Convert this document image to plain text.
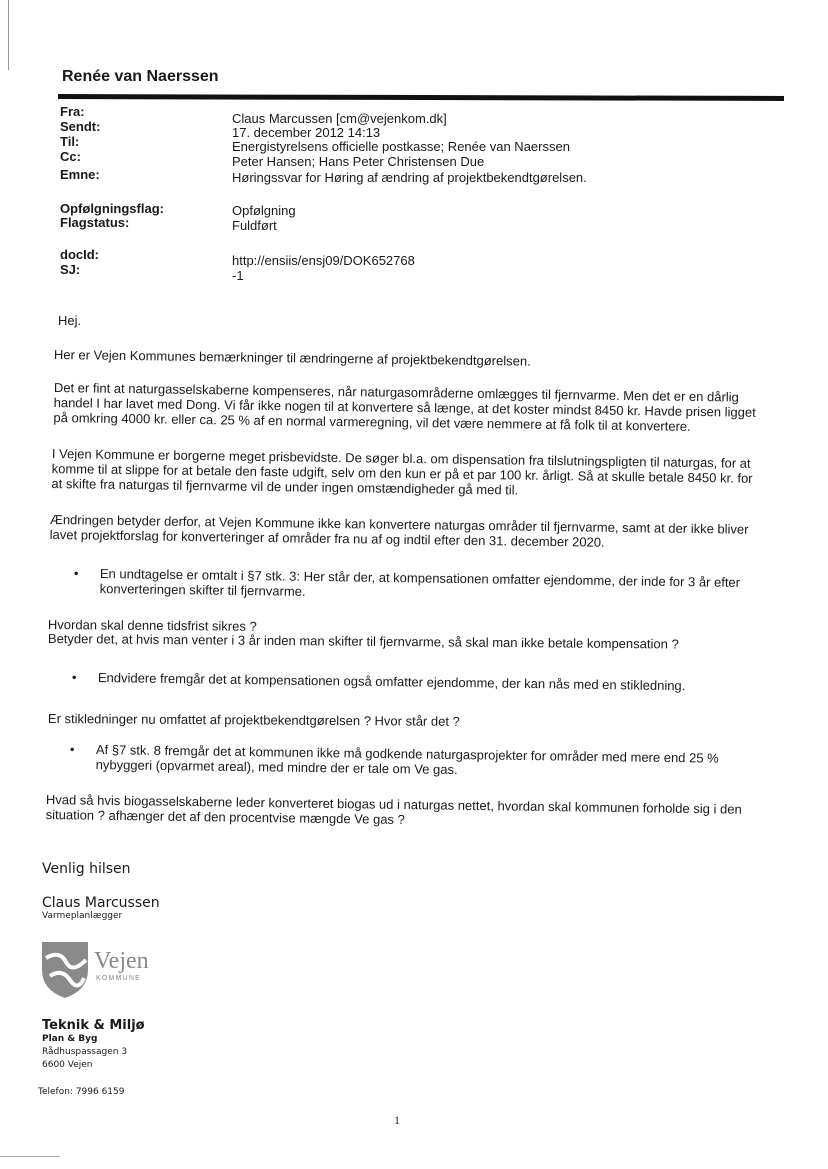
Renée van Naerssen
Fra:
Sendt:
Til:
Cc:
Emne:
Opfølgningsflag:
Flagstatus:
docId:
SJ:
Claus Marcussen [cm@vejenkom.dk]
17. december 2012 14:13
Energistyrelsens officielle postkasse; Renée van Naerssen
Peter Hansen; Hans Peter Christensen Due
Høringssvar for Høring af ændring af projektbekendtgørelsen.
Opfølgning
Fuldført
http://ensiis/ensj09/DOK652768
-1
Hej.
Her er Vejen Kommunes bemærkninger til ændringerne af projektbekendtgørelsen.
Det er fint at naturgasselskaberne kompenseres, når naturgasområderne omlægges til fjernvarme. Men det er en dårlig handel I har lavet med Dong. Vi får ikke nogen til at konvertere så længe, at det koster mindst 8450 kr. Havde prisen ligget på omkring 4000 kr. eller ca. 25 % af en normal varmeregning, vil det være nemmere at få folk til at konvertere.
I Vejen Kommune er borgerne meget prisbevidste. De søger bl.a. om dispensation fra tilslutningspligten til naturgas, for at komme til at slippe for at betale den faste udgift, selv om den kun er på et par 100 kr. årligt. Så at skulle betale 8450 kr. for at skifte fra naturgas til fjernvarme vil de under ingen omstændigheder gå med til.
Ændringen betyder derfor, at Vejen Kommune ikke kan konvertere naturgas områder til fjernvarme, samt at der ikke bliver lavet projektforslag for konverteringer af områder fra nu af og indtil efter den 31. december 2020.
• En undtagelse er omtalt i §7 stk. 3: Her står der, at kompensationen omfatter ejendomme, der inde for 3 år efter konverteringen skifter til fjernvarme.
Hvordan skal denne tidsfrist sikres ?
Betyder det, at hvis man venter i 3 år inden man skifter til fjernvarme, så skal man ikke betale kompensation ?
• Endvidere fremgår det at kompensationen også omfatter ejendomme, der kan nås med en stikledning.
Er stikledninger nu omfattet af projektbekendtgørelsen ? Hvor står det ?
• Af §7 stk. 8 fremgår det at kommunen ikke må godkende naturgasprojekter for områder med mere end 25 % nybyggeri (opvarmet areal), med mindre der er tale om Ve gas.
Hvad så hvis biogasselskaberne leder konverteret biogas ud i naturgas nettet, hvordan skal kommunen forholde sig i den situation ? afhænger det af den procentvise mængde Ve gas ?
Venlig hilsen
Claus Marcussen
Varmeplanlægger
Vejen
KOMMUNE
Teknik & Miljø
Plan & Byg
Rådhuspassagen 3
6600 Vejen
Telefon: 7996 6159
1
